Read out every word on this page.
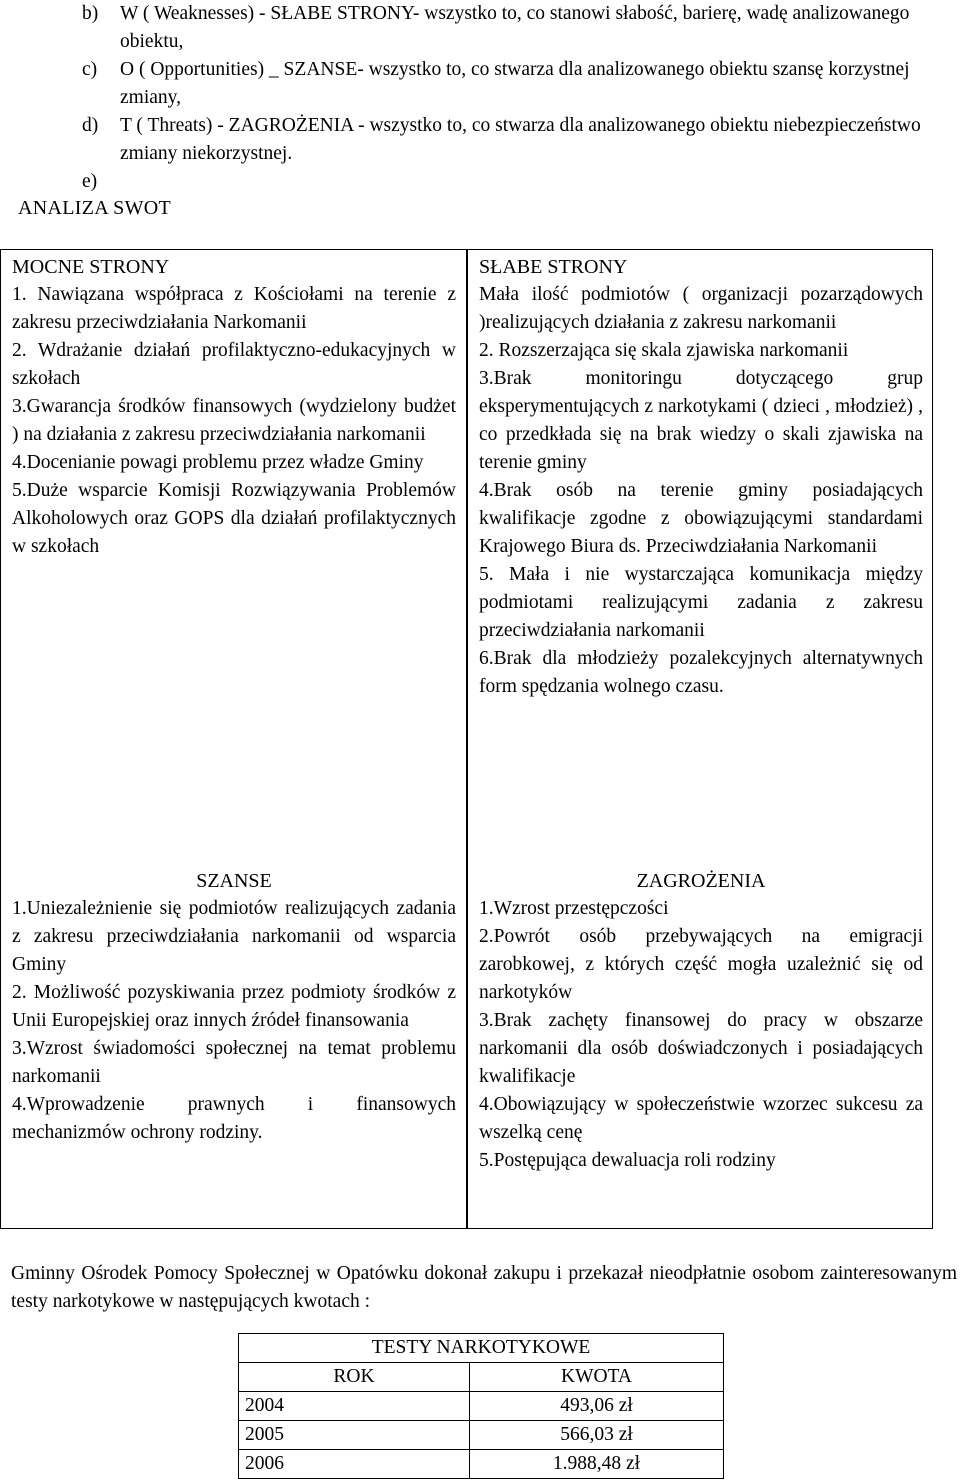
b)	W ( Weaknesses) - SŁABE STRONY- wszystko to, co stanowi słabość, barierę, wadę analizowanego obiektu,
c)	O ( Opportunities) _ SZANSE- wszystko to, co stwarza dla analizowanego obiektu szansę korzystnej zmiany,
d)	T ( Threats) - ZAGROŻENIA - wszystko to, co stwarza dla analizowanego obiektu niebezpieczeństwo zmiany niekorzystnej.
e)
ANALIZA SWOT
MOCNE STRONY

1. Nawiązana współpraca z Kościołami na terenie z zakresu przeciwdziałania Narkomanii

2. Wdrażanie działań profilaktyczno-edukacyjnych w szkołach

3.Gwarancja środków finansowych (wydzielony budżet ) na działania z zakresu przeciwdziałania narkomanii

4.Docenianie powagi problemu przez władze Gminy

5.Duże wsparcie Komisji Rozwiązywania Problemów Alkoholowych oraz GOPS dla działań profilaktycznych w szkołach

SŁABE STRONY

Mała ilość podmiotów ( organizacji pozarządowych )realizujących działania z zakresu narkomanii

2. Rozszerzająca się skala zjawiska narkomanii

3.Brak monitoringu dotyczącego grup eksperymentujących z narkotykami ( dzieci , młodzież) , co przedkłada się na brak wiedzy o skali zjawiska na terenie gminy

4.Brak osób na terenie gminy posiadających kwalifikacje zgodne z obowiązującymi standardami Krajowego Biura ds. Przeciwdziałania Narkomanii

5. Mała i nie wystarczająca komunikacja między podmiotami realizującymi zadania z zakresu przeciwdziałania narkomanii

6.Brak dla młodzieży pozalekcyjnych alternatywnych form spędzania wolnego czasu.

SZANSE

1.Uniezależnienie się podmiotów realizujących zadania z zakresu przeciwdziałania narkomanii od wsparcia Gminy

2. Możliwość pozyskiwania przez podmioty środków z Unii Europejskiej oraz innych źródeł finansowania

3.Wzrost świadomości społecznej na temat problemu narkomanii

4.Wprowadzenie prawnych i finansowych mechanizmów ochrony rodziny.

ZAGROŻENIA

1.Wzrost przestępczości

2.Powrót osób przebywających na emigracji zarobkowej, z których część mogła uzależnić się od narkotyków

3.Brak zachęty finansowej do pracy w obszarze narkomanii dla osób doświadczonych i posiadających kwalifikacje

4.Obowiązujący w społeczeństwie wzorzec sukcesu za wszelką cenę

5.Postępująca dewaluacja roli rodziny

Gminny Ośrodek Pomocy Społecznej w Opatówku dokonał zakupu i przekazał nieodpłatnie osobom zainteresowanym testy narkotykowe w następujących kwotach :
TESTY NARKOTYKOWE	
ROK	KWOTA
2004	493,06 zł
2005	566,03 zł
2006	1.988,48 zł
